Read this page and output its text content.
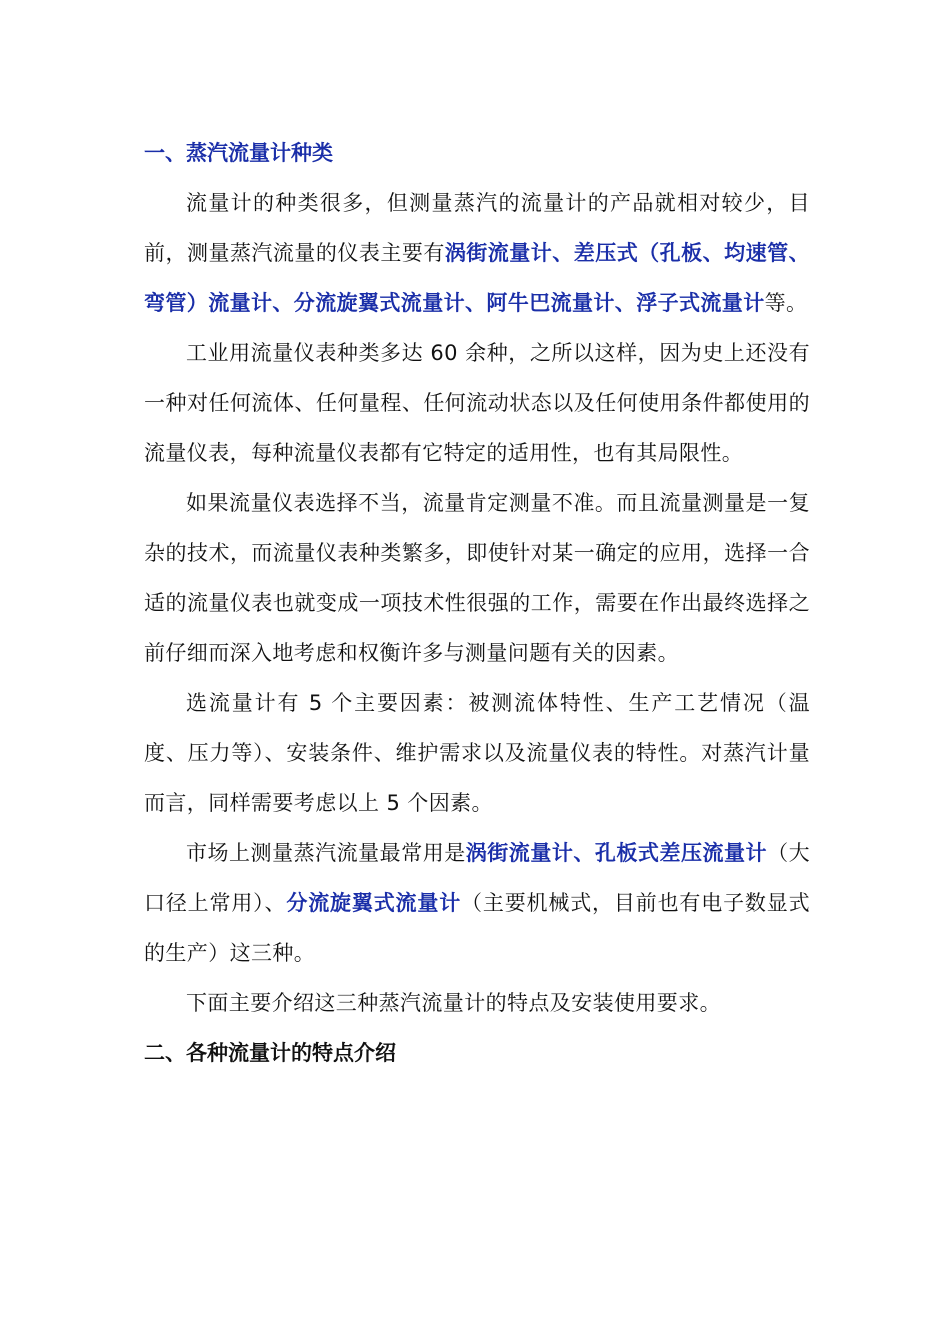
一、蒸汽流量计种类

流量计的种类很多，但测量蒸汽的流量计的产品就相对较少，目前，测量蒸汽流量的仪表主要有涡街流量计、差压式（孔板、均速管、弯管）流量计、分流旋翼式流量计、阿牛巴流量计、浮子式流量计等。

工业用流量仪表种类多达 60 余种，之所以这样，因为史上还没有一种对任何流体、任何量程、任何流动状态以及任何使用条件都使用的流量仪表，每种流量仪表都有它特定的适用性，也有其局限性。

如果流量仪表选择不当，流量肯定测量不准。而且流量测量是一复杂的技术，而流量仪表种类繁多，即使针对某一确定的应用，选择一合适的流量仪表也就变成一项技术性很强的工作，需要在作出最终选择之前仔细而深入地考虑和权衡许多与测量问题有关的因素。

选流量计有 5 个主要因素：被测流体特性、生产工艺情况（温度、压力等）、安装条件、维护需求以及流量仪表的特性。对蒸汽计量而言，同样需要考虑以上 5 个因素。

市场上测量蒸汽流量最常用是涡街流量计、孔板式差压流量计（大口径上常用）、分流旋翼式流量计（主要机械式，目前也有电子数显式的生产）这三种。

下面主要介绍这三种蒸汽流量计的特点及安装使用要求。

二、各种流量计的特点介绍
